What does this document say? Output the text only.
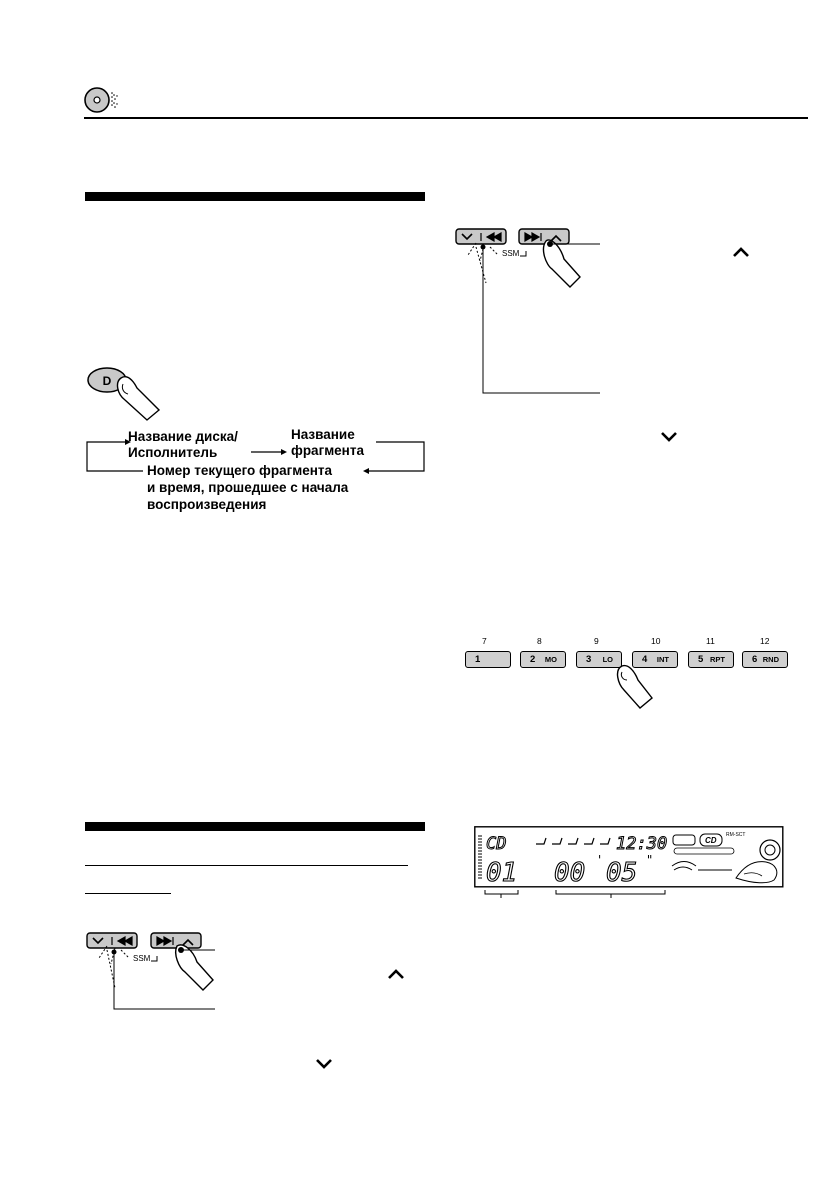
D
Название диска/
Исполнитель
Название
фрагмента
Номер текущего фрагмента
и время, прошедшее с начала
воспроизведения
SSM
SSM
7	8	9	10	11	12
1	2 MO	3 LO	4 INT	5 RPT	6 RND
CD	12:30	CD
RM-SCT
01 00 ' 05 "
